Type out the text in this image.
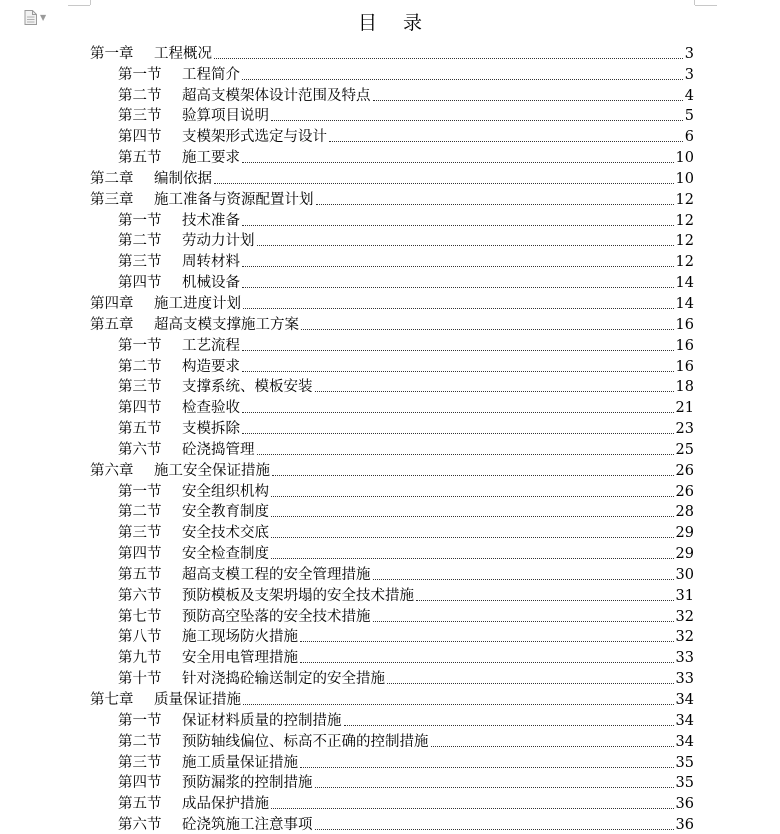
▼	目录
第一章	工程概况	3
第一节	工程简介	3
第二节	超高支模架体设计范围及特点	4
第三节	验算项目说明	5
第四节	支模架形式选定与设计	6
第五节	施工要求	10
第二章	编制依据	10
第三章	施工准备与资源配置计划	12
第一节	技术准备	12
第二节	劳动力计划	12
第三节	周转材料	12
第四节	机械设备	14
第四章	施工进度计划	14
第五章	超高支模支撑施工方案	16
第一节	工艺流程	16
第二节	构造要求	16
第三节	支撑系统、模板安装	18
第四节	检查验收	21
第五节	支模拆除	23
第六节	砼浇捣管理	25
第六章	施工安全保证措施	26
第一节	安全组织机构	26
第二节	安全教育制度	28
第三节	安全技术交底	29
第四节	安全检查制度	29
第五节	超高支模工程的安全管理措施	30
第六节	预防模板及支架坍塌的安全技术措施	31
第七节	预防高空坠落的安全技术措施	32
第八节	施工现场防火措施	32
第九节	安全用电管理措施	33
第十节	针对浇捣砼输送制定的安全措施	33
第七章	质量保证措施	34
第一节	保证材料质量的控制措施	34
第二节	预防轴线偏位、标高不正确的控制措施	34
第三节	施工质量保证措施	35
第四节	预防漏浆的控制措施	35
第五节	成品保护措施	36
第六节	砼浇筑施工注意事项	36
